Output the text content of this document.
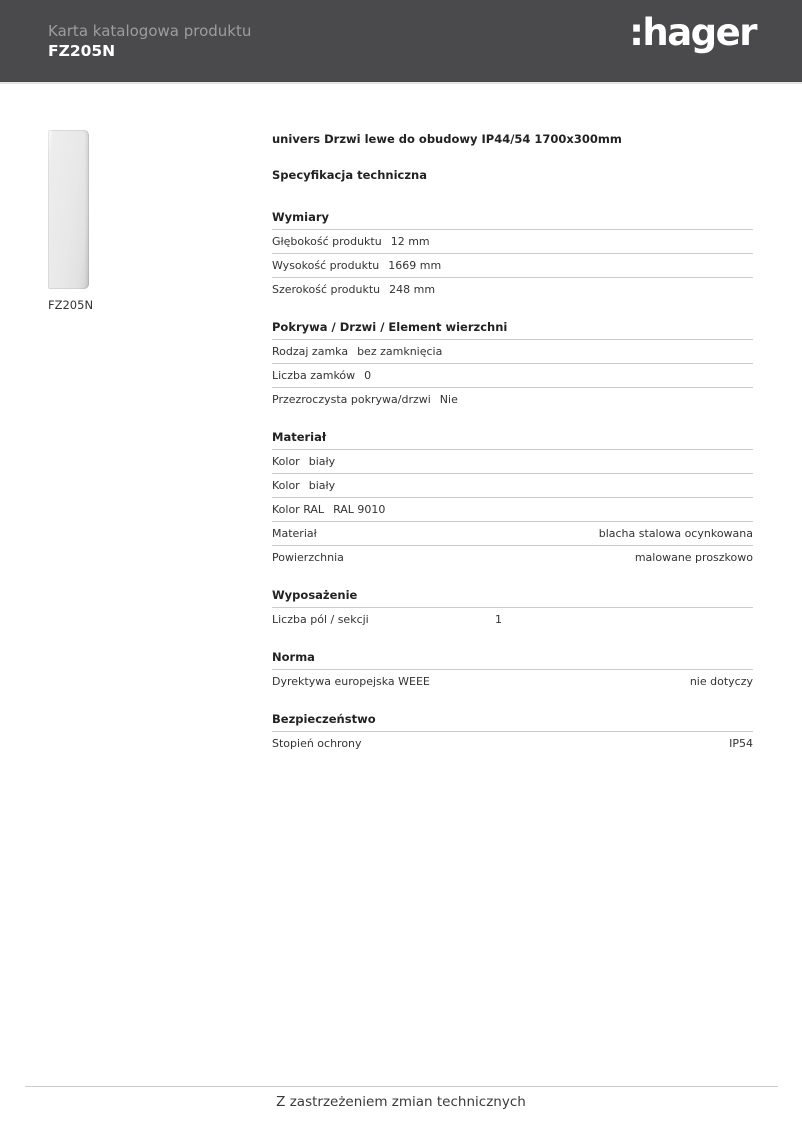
Karta katalogowa produktu
FZ205N	:hager
FZ205N

univers Drzwi lewe do obudowy IP44/54 1700x300mm

Specyfikacja techniczna

Wymiary

Głębokość produktu 12 mm
Wysokość produktu 1669 mm
Szerokość produktu 248 mm

Pokrywa / Drzwi / Element wierzchni

Rodzaj zamka bez zamknięcia
Liczba zamków 0
Przezroczysta pokrywa/drzwi Nie

Materiał

Kolor biały
Kolor biały
Kolor RAL RAL 9010
Materiał	blacha stalowa ocynkowana
Powierzchnia	malowane proszkowo

Wyposażenie

Liczba pól / sekcji	1

Norma

Dyrektywa europejska WEEE	nie dotyczy

Bezpieczeństwo

Stopień ochrony	IP54
Z zastrzeżeniem zmian technicznych
